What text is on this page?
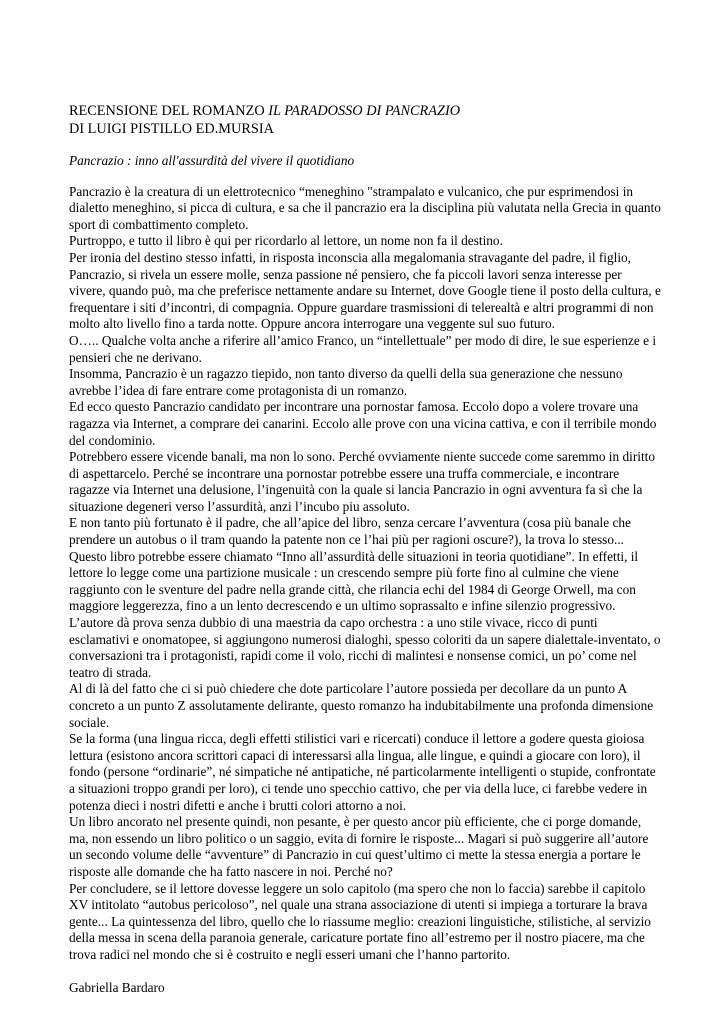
RECENSIONE DEL ROMANZO IL PARADOSSO DI PANCRAZIO
DI LUIGI PISTILLO ED.MURSIA
Pancrazio : inno all'assurdità del vivere il quotidiano

Pancrazio è la creatura di un elettrotecnico “meneghino "strampalato e vulcanico, che pur esprimendosi in dialetto meneghino, si picca di cultura, e sa che il pancrazio era la disciplina più valutata nella Grecia in quanto sport di combattimento completo.

Purtroppo, e tutto il libro è qui per ricordarlo al lettore, un nome non fa il destino.

Per ironia del destino stesso infatti, in risposta inconscia alla megalomania stravagante del padre, il figlio, Pancrazio, si rivela un essere molle, senza passione né pensiero, che fa piccoli lavori senza interesse per vivere, quando può, ma che preferisce nettamente andare su Internet, dove Google tiene il posto della cultura, e frequentare i siti d’incontri, di compagnia. Oppure guardare trasmissioni di telerealtà e altri programmi di non molto alto livello fino a tarda notte. Oppure ancora interrogare una veggente sul suo futuro.

O….. Qualche volta anche a riferire all’amico Franco, un “intellettuale” per modo di dire, le sue esperienze e i pensieri che ne derivano.

Insomma, Pancrazio è un ragazzo tiepido, non tanto diverso da quelli della sua generazione che nessuno avrebbe l’idea di fare entrare come protagonista di un romanzo.

Ed ecco questo Pancrazio candidato per incontrare una pornostar famosa. Eccolo dopo a volere trovare una ragazza via Internet, a comprare dei canarini. Eccolo alle prove con una vicina cattiva, e con il terribile mondo del condominio.

Potrebbero essere vicende banali, ma non lo sono. Perché ovviamente niente succede come saremmo in diritto di aspettarcelo. Perché se incontrare una pornostar potrebbe essere una truffa commerciale, e incontrare ragazze via Internet una delusione, l’ingenuità con la quale si lancia Pancrazio in ogni avventura fa sì che la situazione degeneri verso l’assurdità, anzi l’incubo piu assoluto.

E non tanto più fortunato è il padre, che all’apice del libro, senza cercare l’avventura (cosa più banale che prendere un autobus o il tram quando la patente non ce l’hai più per ragioni oscure?), la trova lo stesso...

Questo libro potrebbe essere chiamato “Inno all’assurdità delle situazioni in teoria quotidiane”. In effetti, il lettore lo legge come una partizione musicale : un crescendo sempre più forte fino al culmine che viene raggiunto con le sventure del padre nella grande città, che rilancia echi del 1984 di George Orwell, ma con maggiore leggerezza, fino a un lento decrescendo e un ultimo soprassalto e infine silenzio progressivo.

L’autore dà prova senza dubbio di una maestria da capo orchestra : a uno stile vivace, ricco di punti esclamativi e onomatopee, si aggiungono numerosi dialoghi, spesso coloriti da un sapere dialettale-inventato, o conversazioni tra i protagonisti, rapidi come il volo, ricchi di malintesi e nonsense comici, un po’ come nel teatro di strada.

Al di là del fatto che ci si può chiedere che dote particolare l’autore possieda per decollare da un punto A concreto a un punto Z assolutamente delirante, questo romanzo ha indubitabilmente una profonda dimensione sociale.

Se la forma (una lingua ricca, degli effetti stilistici vari e ricercati) conduce il lettore a godere questa gioiosa lettura (esistono ancora scrittori capaci di interessarsi alla lingua, alle lingue, e quindi a giocare con loro), il fondo (persone “ordinarie”, né simpatiche né antipatiche, né particolarmente intelligenti o stupide, confrontate a situazioni troppo grandi per loro), ci tende uno specchio cattivo, che per via della luce, ci farebbe vedere in potenza dieci i nostri difetti e anche i brutti colori attorno a noi.

Un libro ancorato nel presente quindi, non pesante, è per questo ancor più efficiente, che ci porge domande, ma, non essendo un libro politico o un saggio, evita di fornire le risposte... Magari si può suggerire all’autore un secondo volume delle “avventure” di Pancrazio in cui quest’ultimo ci mette la stessa energia a portare le risposte alle domande che ha fatto nascere in noi. Perché no?

Per concludere, se il lettore dovesse leggere un solo capitolo (ma spero che non lo faccia) sarebbe il capitolo XV intitolato “autobus pericoloso”, nel quale una strana associazione di utenti si impiega a torturare la brava gente... La quintessenza del libro, quello che lo riassume meglio: creazioni linguistiche, stilistiche, al servizio della messa in scena della paranoia generale, caricature portate fino all’estremo per il nostro piacere, ma che trova radici nel mondo che si è costruito e negli esseri umani che l’hanno partorito.

Gabriella Bardaro
